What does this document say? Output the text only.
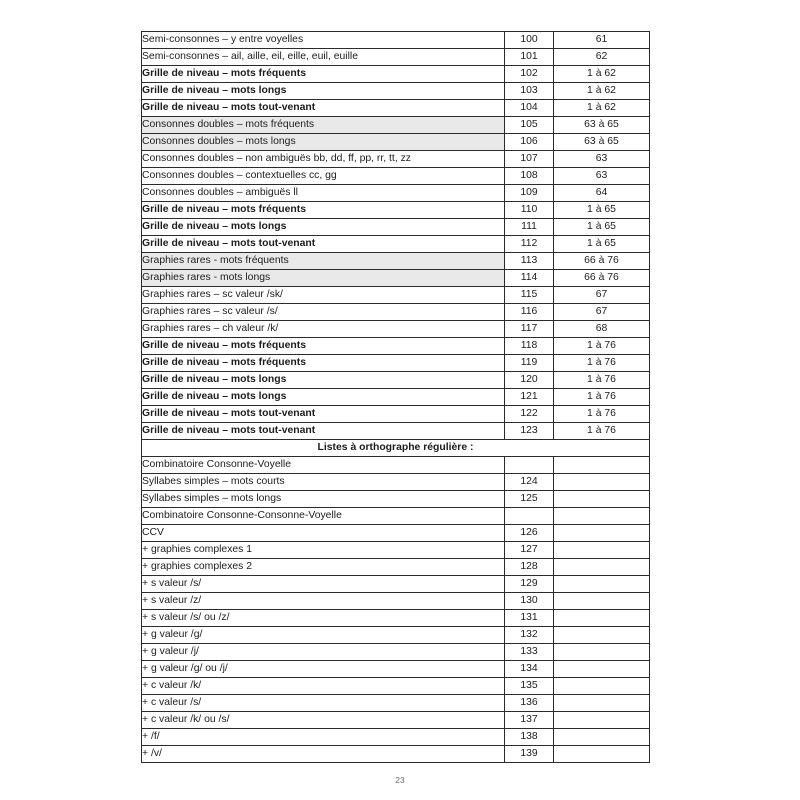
Semi-consonnes – y entre voyelles	100	61
Semi-consonnes – ail, aille, eil, eille, euil, euille	101	62
Grille de niveau – mots fréquents	102	1 à 62
Grille de niveau – mots longs	103	1 à 62
Grille de niveau – mots tout-venant	104	1 à 62
Consonnes doubles – mots fréquents	105	63 à 65
Consonnes doubles – mots longs	106	63 à 65
Consonnes doubles – non ambiguës bb, dd, ff, pp, rr, tt, zz	107	63
Consonnes doubles – contextuelles cc, gg	108	63
Consonnes doubles – ambiguës ll	109	64
Grille de niveau – mots fréquents	110	1 à 65
Grille de niveau – mots longs	111	1 à 65
Grille de niveau – mots tout-venant	112	1 à 65
Graphies rares - mots fréquents	113	66 à 76
Graphies rares - mots longs	114	66 à 76
Graphies rares – sc valeur /sk/	115	67
Graphies rares – sc valeur /s/	116	67
Graphies rares – ch valeur /k/	117	68
Grille de niveau – mots fréquents	118	1 à 76
Grille de niveau – mots fréquents	119	1 à 76
Grille de niveau – mots longs	120	1 à 76
Grille de niveau – mots longs	121	1 à 76
Grille de niveau – mots tout-venant	122	1 à 76
Grille de niveau – mots tout-venant	123	1 à 76
Listes à orthographe régulière :		
Combinatoire Consonne-Voyelle		
Syllabes simples – mots courts	124	
Syllabes simples – mots longs	125	
Combinatoire Consonne-Consonne-Voyelle		
CCV	126	
+ graphies complexes 1	127	
+ graphies complexes 2	128	
+ s valeur /s/	129	
+ s valeur /z/	130	
+ s valeur /s/ ou /z/	131	
+ g valeur /g/	132	
+ g valeur /j/	133	
+ g valeur /g/ ou /j/	134	
+ c valeur /k/	135	
+ c valeur /s/	136	
+ c valeur /k/ ou /s/	137	
+ /f/	138	
+ /v/	139	
23
